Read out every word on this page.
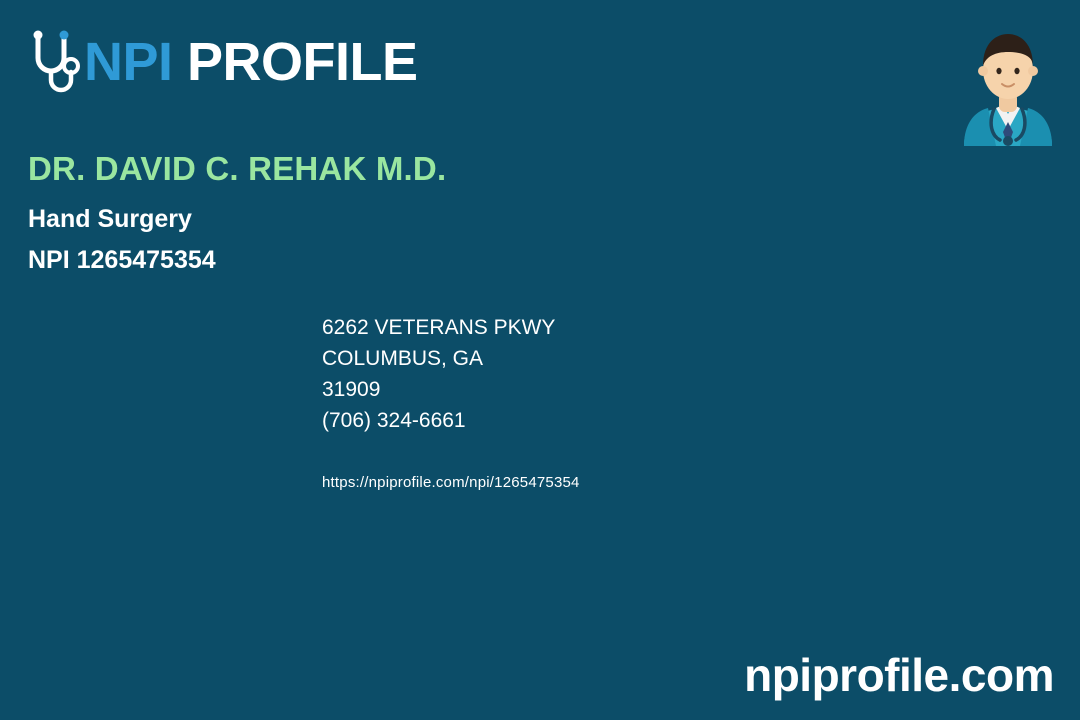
NPI PROFILE
DR. DAVID C. REHAK M.D.
Hand Surgery
NPI 1265475354
6262 VETERANS PKWY
COLUMBUS, GA
31909
(706) 324-6661
https://npiprofile.com/npi/1265475354
npiprofile.com
